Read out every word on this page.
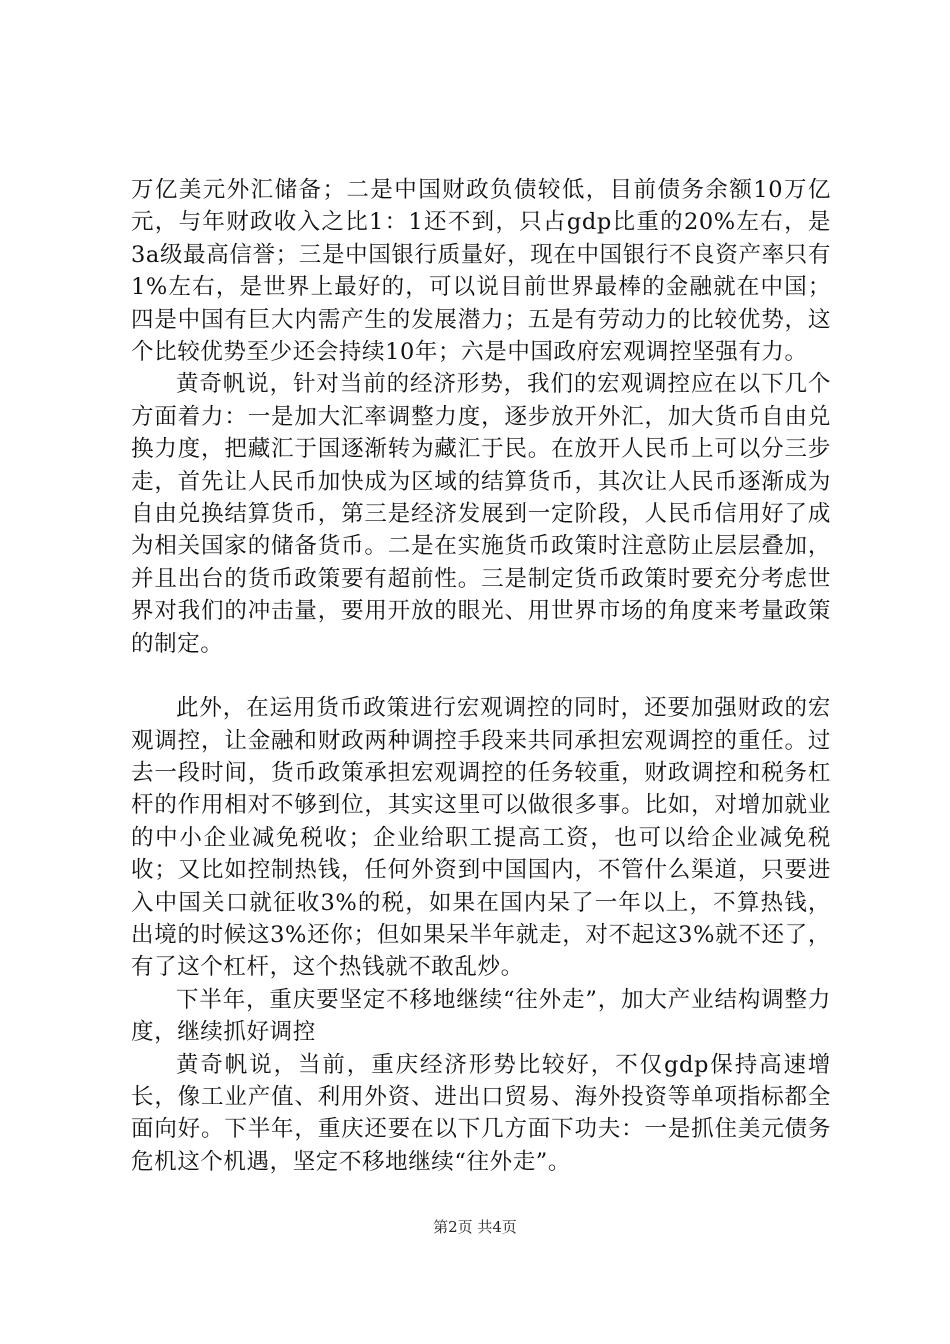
万亿美元外汇储备；二是中国财政负债较低，目前债务余额10万亿元，与年财政收入之比1：1还不到，只占gdp比重的20%左右，是3a级最高信誉；三是中国银行质量好，现在中国银行不良资产率只有1%左右，是世界上最好的，可以说目前世界最棒的金融就在中国；四是中国有巨大内需产生的发展潜力；五是有劳动力的比较优势，这个比较优势至少还会持续10年；六是中国政府宏观调控坚强有力。

黄奇帆说，针对当前的经济形势，我们的宏观调控应在以下几个方面着力：一是加大汇率调整力度，逐步放开外汇，加大货币自由兑换力度，把藏汇于国逐渐转为藏汇于民。在放开人民币上可以分三步走，首先让人民币加快成为区域的结算货币，其次让人民币逐渐成为自由兑换结算货币，第三是经济发展到一定阶段，人民币信用好了成为相关国家的储备货币。二是在实施货币政策时注意防止层层叠加，并且出台的货币政策要有超前性。三是制定货币政策时要充分考虑世界对我们的冲击量，要用开放的眼光、用世界市场的角度来考量政策的制定。

此外，在运用货币政策进行宏观调控的同时，还要加强财政的宏观调控，让金融和财政两种调控手段来共同承担宏观调控的重任。过去一段时间，货币政策承担宏观调控的任务较重，财政调控和税务杠杆的作用相对不够到位，其实这里可以做很多事。比如，对增加就业的中小企业减免税收；企业给职工提高工资，也可以给企业减免税收；又比如控制热钱，任何外资到中国国内，不管什么渠道，只要进入中国关口就征收3%的税，如果在国内呆了一年以上，不算热钱，出境的时候这3%还你；但如果呆半年就走，对不起这3%就不还了，有了这个杠杆，这个热钱就不敢乱炒。

下半年，重庆要坚定不移地继续“往外走”，加大产业结构调整力度，继续抓好调控

黄奇帆说，当前，重庆经济形势比较好，不仅gdp保持高速增长，像工业产值、利用外资、进出口贸易、海外投资等单项指标都全面向好。下半年，重庆还要在以下几方面下功夫：一是抓住美元债务危机这个机遇，坚定不移地继续“往外走”。

第2页 共4页
